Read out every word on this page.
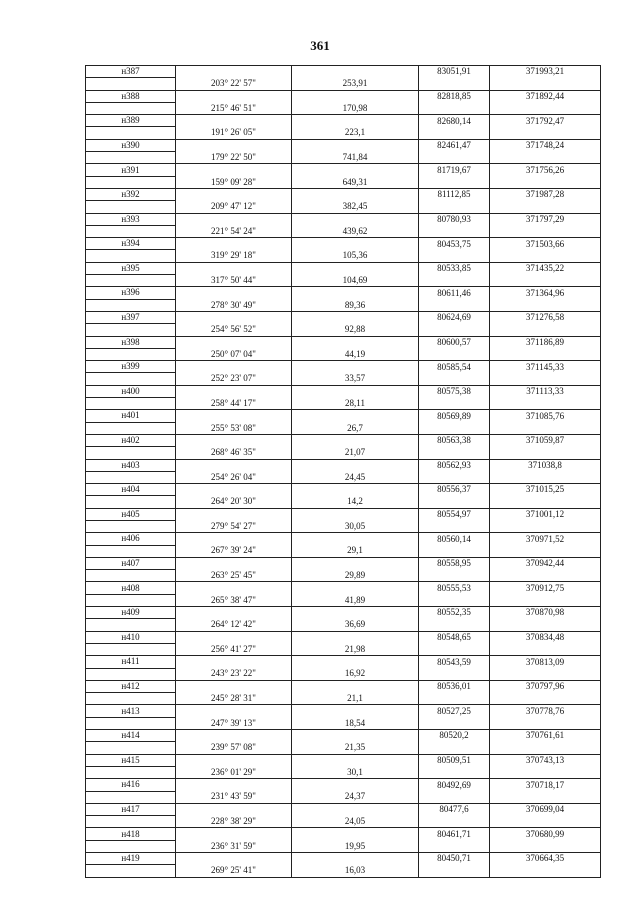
361
н387			83051,91	371993,21
	203° 22' 57"	253,91		
н388			82818,85	371892,44
	215° 46' 51"	170,98		
н389			82680,14	371792,47
	191° 26' 05"	223,1		
н390			82461,47	371748,24
	179° 22' 50"	741,84		
н391			81719,67	371756,26
	159° 09' 28"	649,31		
н392			81112,85	371987,28
	209° 47' 12"	382,45		
н393			80780,93	371797,29
	221° 54' 24"	439,62		
н394			80453,75	371503,66
	319° 29' 18"	105,36		
н395			80533,85	371435,22
	317° 50' 44"	104,69		
н396			80611,46	371364,96
	278° 30' 49"	89,36		
н397			80624,69	371276,58
	254° 56' 52"	92,88		
н398			80600,57	371186,89
	250° 07' 04"	44,19		
н399			80585,54	371145,33
	252° 23' 07"	33,57		
н400			80575,38	371113,33
	258° 44' 17"	28,11		
н401			80569,89	371085,76
	255° 53' 08"	26,7		
н402			80563,38	371059,87
	268° 46' 35"	21,07		
н403			80562,93	371038,8
	254° 26' 04"	24,45		
н404			80556,37	371015,25
	264° 20' 30"	14,2		
н405			80554,97	371001,12
	279° 54' 27"	30,05		
н406			80560,14	370971,52
	267° 39' 24"	29,1		
н407			80558,95	370942,44
	263° 25' 45"	29,89		
н408			80555,53	370912,75
	265° 38' 47"	41,89		
н409			80552,35	370870,98
	264° 12' 42"	36,69		
н410			80548,65	370834,48
	256° 41' 27"	21,98		
н411			80543,59	370813,09
	243° 23' 22"	16,92		
н412			80536,01	370797,96
	245° 28' 31"	21,1		
н413			80527,25	370778,76
	247° 39' 13"	18,54		
н414			80520,2	370761,61
	239° 57' 08"	21,35		
н415			80509,51	370743,13
	236° 01' 29"	30,1		
н416			80492,69	370718,17
	231° 43' 59"	24,37		
н417			80477,6	370699,04
	228° 38' 29"	24,05		
н418			80461,71	370680,99
	236° 31' 59"	19,95		
н419			80450,71	370664,35
	269° 25' 41"	16,03		
